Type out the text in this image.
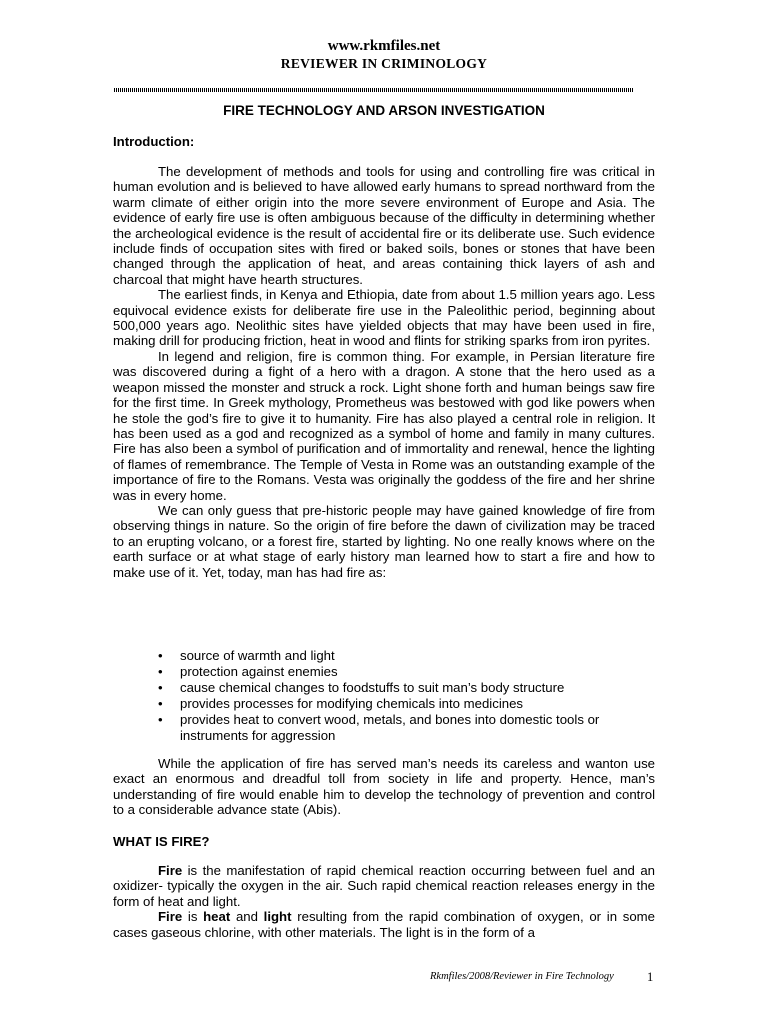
www.rkmfiles.net
REVIEWER IN CRIMINOLOGY
FIRE TECHNOLOGY AND ARSON INVESTIGATION
Introduction:

The development of methods and tools for using and controlling fire was critical in human evolution and is believed to have allowed early humans to spread northward from the warm climate of either origin into the more severe environment of Europe and Asia. The evidence of early fire use is often ambiguous because of the difficulty in determining whether the archeological evidence is the result of accidental fire or its deliberate use. Such evidence include finds of occupation sites with fired or baked soils, bones or stones that have been changed through the application of heat, and areas containing thick layers of ash and charcoal that might have hearth structures.

The earliest finds, in Kenya and Ethiopia, date from about 1.5 million years ago. Less equivocal evidence exists for deliberate fire use in the Paleolithic period, beginning about 500,000 years ago. Neolithic sites have yielded objects that may have been used in fire, making drill for producing friction, heat in wood and flints for striking sparks from iron pyrites.

In legend and religion, fire is common thing. For example, in Persian literature fire was discovered during a fight of a hero with a dragon. A stone that the hero used as a weapon missed the monster and struck a rock. Light shone forth and human beings saw fire for the first time. In Greek mythology, Prometheus was bestowed with god like powers when he stole the god’s fire to give it to humanity. Fire has also played a central role in religion. It has been used as a god and recognized as a symbol of home and family in many cultures. Fire has also been a symbol of purification and of immortality and renewal, hence the lighting of flames of remembrance. The Temple of Vesta in Rome was an outstanding example of the importance of fire to the Romans. Vesta was originally the goddess of the fire and her shrine was in every home.

We can only guess that pre-historic people may have gained knowledge of fire from observing things in nature. So the origin of fire before the dawn of civilization may be traced to an erupting volcano, or a forest fire, started by lighting. No one really knows where on the earth surface or at what stage of early history man learned how to start a fire and how to make use of it. Yet, today, man has had fire as:

• source of warmth and light
• protection against enemies
• cause chemical changes to foodstuffs to suit man’s body structure
• provides processes for modifying chemicals into medicines
• provides heat to convert wood, metals, and bones into domestic tools or instruments for aggression

While the application of fire has served man’s needs its careless and wanton use exact an enormous and dreadful toll from society in life and property. Hence, man’s understanding of fire would enable him to develop the technology of prevention and control to a considerable advance state (Abis).

WHAT IS FIRE?

Fire is the manifestation of rapid chemical reaction occurring between fuel and an oxidizer- typically the oxygen in the air. Such rapid chemical reaction releases energy in the form of heat and light.

Fire is heat and light resulting from the rapid combination of oxygen, or in some cases gaseous chlorine, with other materials. The light is in the form of a

Rkmfiles/2008/Reviewer in Fire Technology	1
